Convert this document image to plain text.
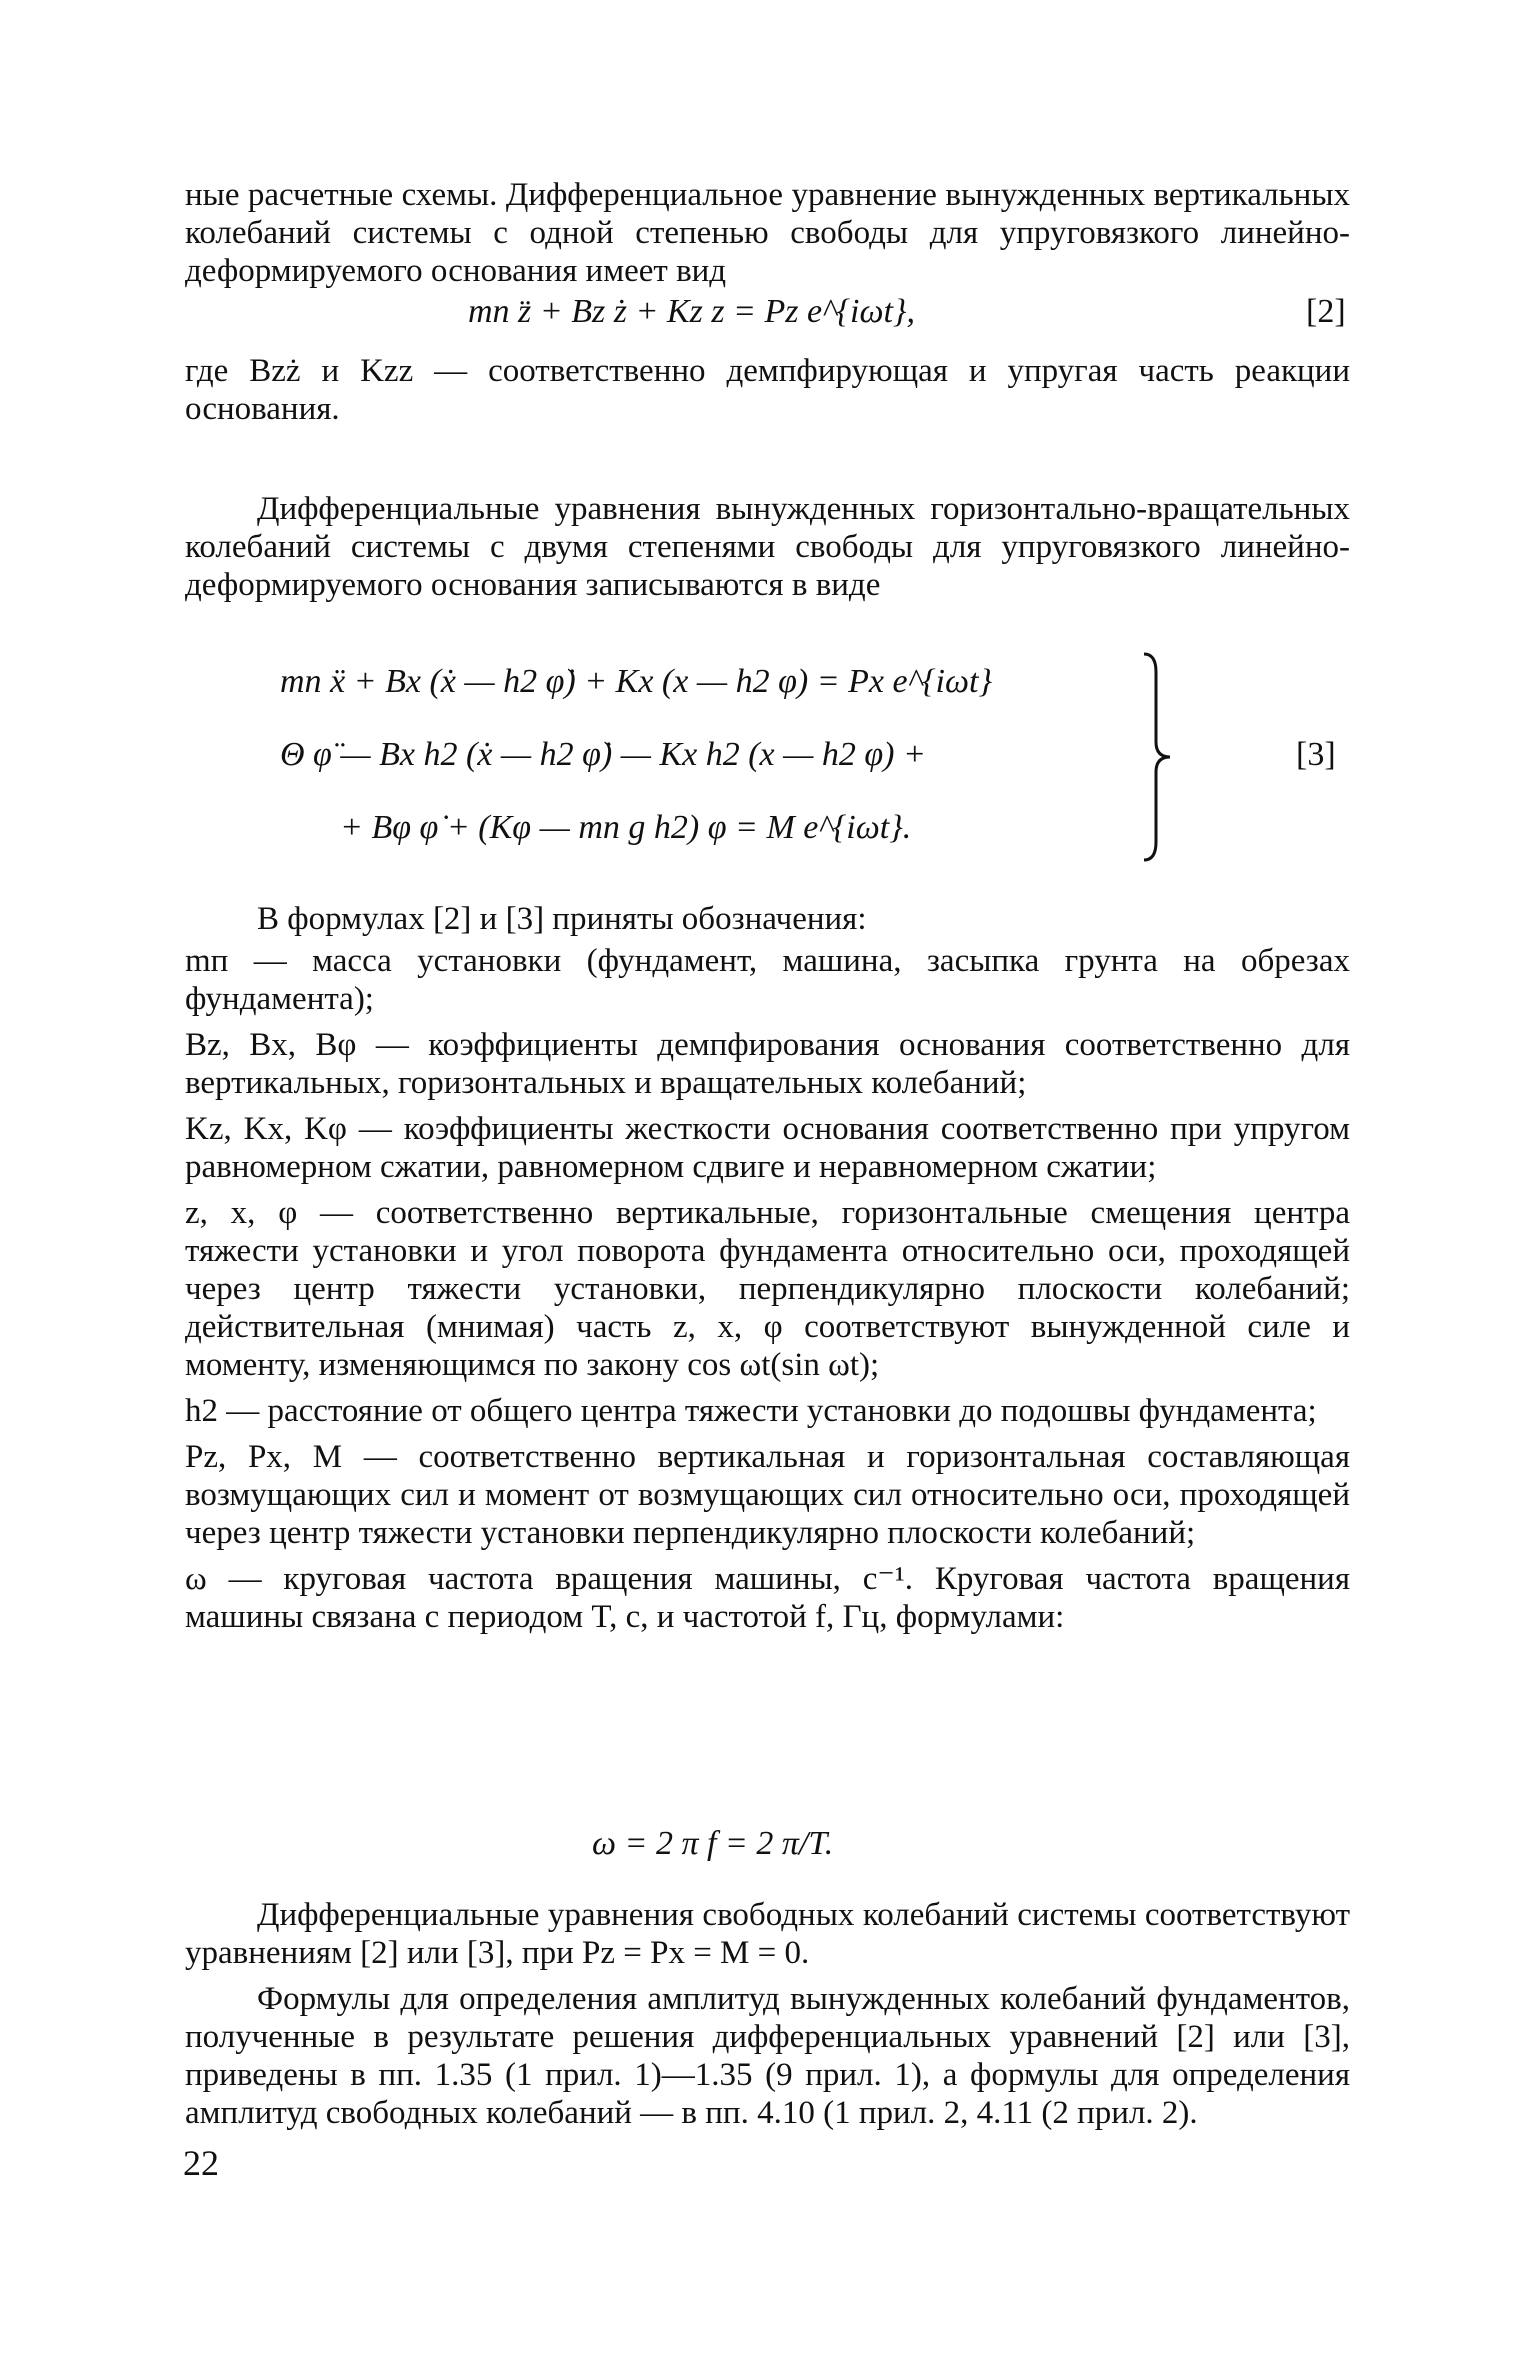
ные расчетные схемы. Дифференциальное уравнение вынужденных вертикальных колебаний системы с одной степенью свободы для упруговязкого линейно-деформируемого основания имеет вид

mп z̈ + Bz ż + Kz z = Pz e^{iωt},	[2]

где Bzż и Kzz — соответственно демпфирующая и упругая часть реакции основания.

Дифференциальные уравнения вынужденных горизонтально-вращательных колебаний системы с двумя степенями свободы для упруговязкого линейно-деформируемого основания записываются в виде

mп ẍ + Bx (ẋ — h2 φ̇) + Kx (x — h2 φ) = Px e^{iωt}
Θ φ̈ — Bx h2 (ẋ — h2 φ̇) — Kx h2 (x — h2 φ) +
+ Bφ φ̇ + (Kφ — mп g h2) φ = M e^{iωt}.
[3]

В формулах [2] и [3] приняты обозначения:

mп — масса установки (фундамент, машина, засыпка грунта на обрезах фундамента);

Bz, Bx, Bφ — коэффициенты демпфирования основания соответственно для вертикальных, горизонтальных и вращательных колебаний;

Kz, Kx, Kφ — коэффициенты жесткости основания соответственно при упругом равномерном сжатии, равномерном сдвиге и неравномерном сжатии;

z, x, φ — соответственно вертикальные, горизонтальные смещения центра тяжести установки и угол поворота фундамента относительно оси, проходящей через центр тяжести установки, перпендикулярно плоскости колебаний; действительная (мнимая) часть z, x, φ соответствуют вынужденной силе и моменту, изменяющимся по закону cos ωt(sin ωt);

h2 — расстояние от общего центра тяжести установки до подошвы фундамента;

Pz, Px, M — соответственно вертикальная и горизонтальная составляющая возмущающих сил и момент от возмущающих сил относительно оси, проходящей через центр тяжести установки перпендикулярно плоскости колебаний;

ω — круговая частота вращения машины, с⁻¹. Круговая частота вращения машины связана с периодом T, с, и частотой f, Гц, формулами:

ω = 2 π f = 2 π/T.

Дифференциальные уравнения свободных колебаний системы соответствуют уравнениям [2] или [3], при Pz = Px = M = 0.

Формулы для определения амплитуд вынужденных колебаний фундаментов, полученные в результате решения дифференциальных уравнений [2] или [3], приведены в пп. 1.35 (1 прил. 1)—1.35 (9 прил. 1), а формулы для определения амплитуд свободных колебаний — в пп. 4.10 (1 прил. 2, 4.11 (2 прил. 2).

22
